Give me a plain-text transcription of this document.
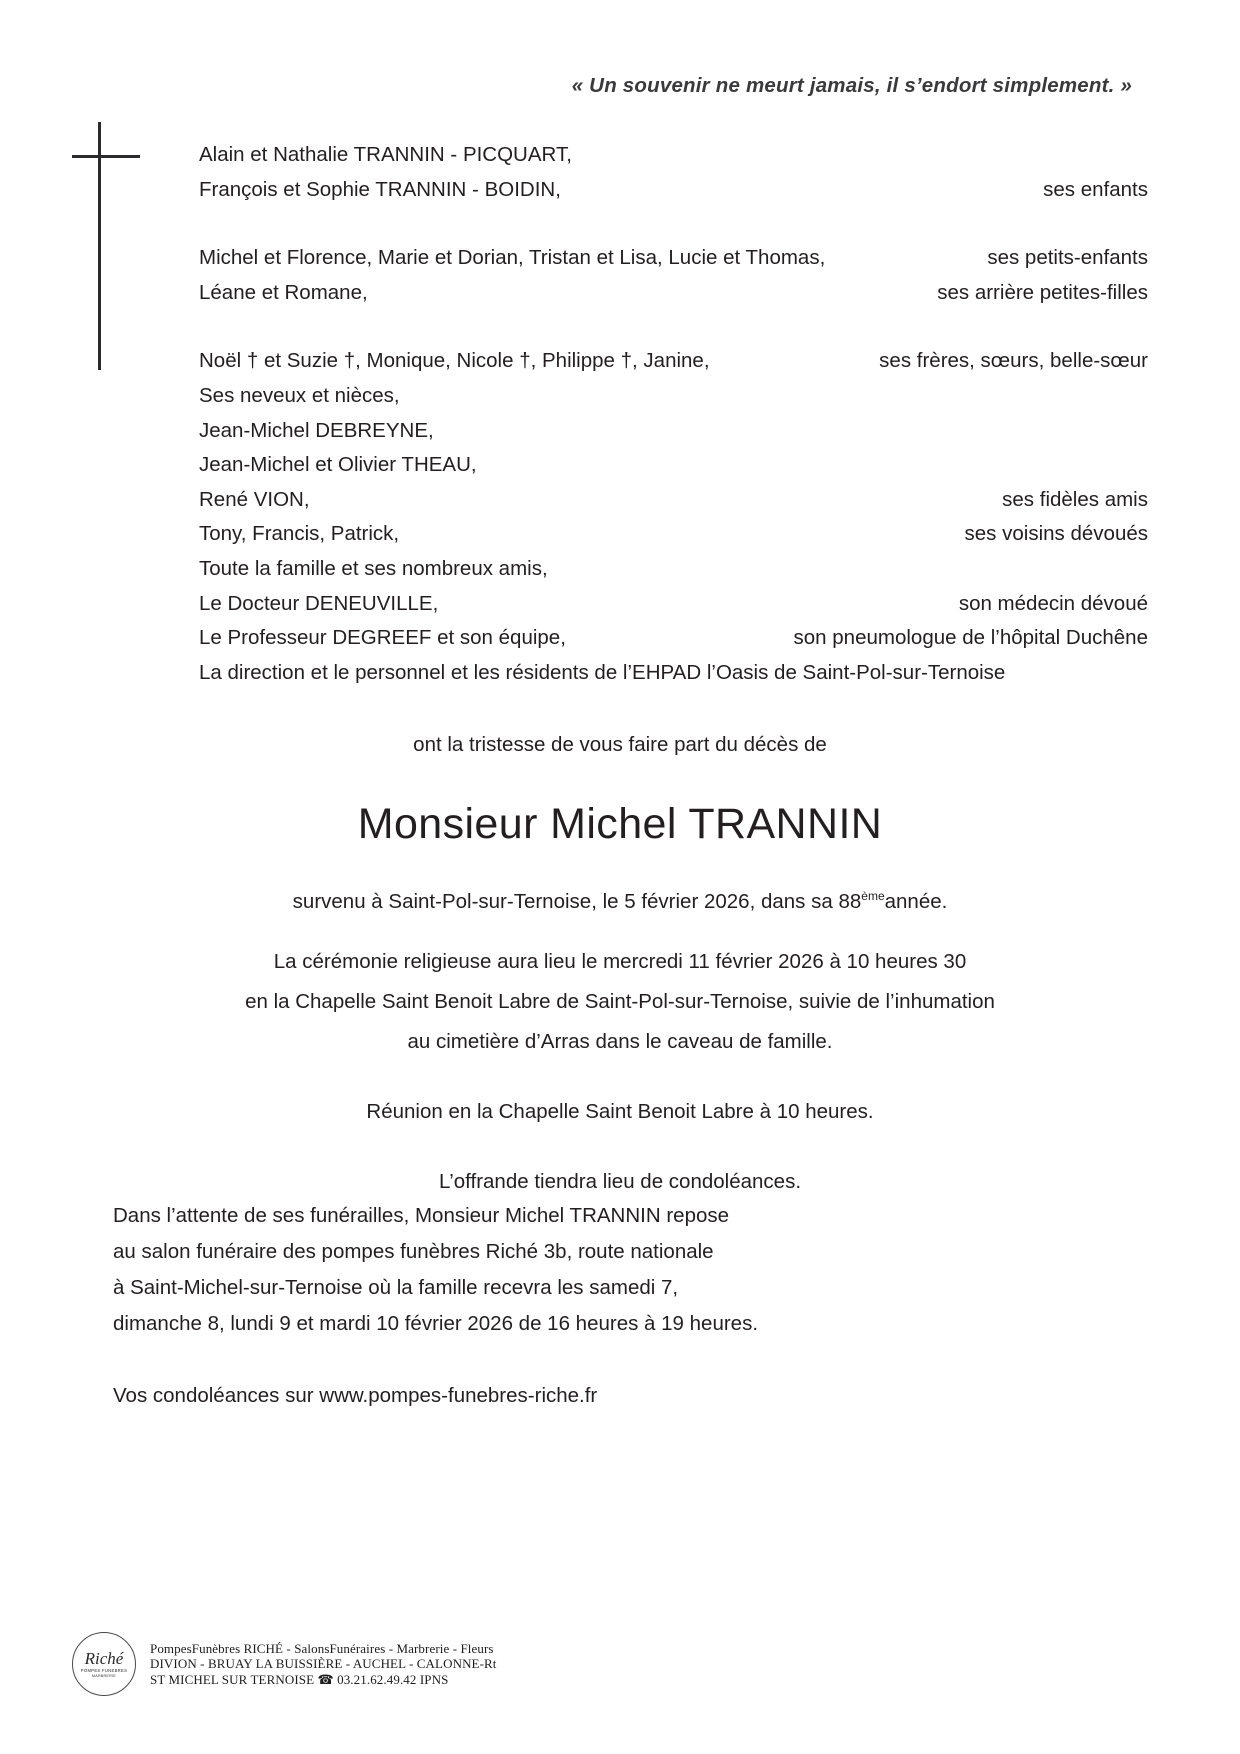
« Un souvenir ne meurt jamais, il s’endort simplement. »
Alain et Nathalie TRANNIN - PICQUART,
François et Sophie TRANNIN - BOIDIN,	ses enfants
Michel et Florence, Marie et Dorian, Tristan et Lisa, Lucie et Thomas,	ses petits-enfants
Léane et Romane,	ses arrière petites-filles
Noël † et Suzie †, Monique, Nicole †, Philippe †, Janine,	ses frères, sœurs, belle-sœur
Ses neveux et nièces,
Jean-Michel DEBREYNE,
Jean-Michel et Olivier THEAU,
René VION,	ses fidèles amis
Tony, Francis, Patrick,	ses voisins dévoués
Toute la famille et ses nombreux amis,
Le Docteur DENEUVILLE,	son médecin dévoué
Le Professeur DEGREEF et son équipe,	son pneumologue de l’hôpital Duchêne
La direction et le personnel et les résidents de l’EHPAD l’Oasis de Saint-Pol-sur-Ternoise
ont la tristesse de vous faire part du décès de
Monsieur Michel TRANNIN
survenu à Saint-Pol-sur-Ternoise, le 5 février 2026, dans sa 88èmeannée.
La cérémonie religieuse aura lieu le mercredi 11 février 2026 à 10 heures 30
en la Chapelle Saint Benoit Labre de Saint-Pol-sur-Ternoise, suivie de l’inhumation
au cimetière d’Arras dans le caveau de famille.
Réunion en la Chapelle Saint Benoit Labre à 10 heures.
L’offrande tiendra lieu de condoléances.
Dans l’attente de ses funérailles, Monsieur Michel TRANNIN repose
au salon funéraire des pompes funèbres Riché 3b, route nationale
à Saint-Michel-sur-Ternoise où la famille recevra les samedi 7,
dimanche 8, lundi 9 et mardi 10 février 2026 de 16 heures à 19 heures.
Vos condoléances sur www.pompes-funebres-riche.fr
Riché
POMPES FUNEBRES
MARBRERIE
PompesFunèbres RICHÉ - SalonsFunéraires - Marbrerie - Fleurs
DIVION - BRUAY LA BUISSIÈRE - AUCHEL - CALONNE-Rt
ST MICHEL SUR TERNOISE ☎ 03.21.62.49.42 IPNS
